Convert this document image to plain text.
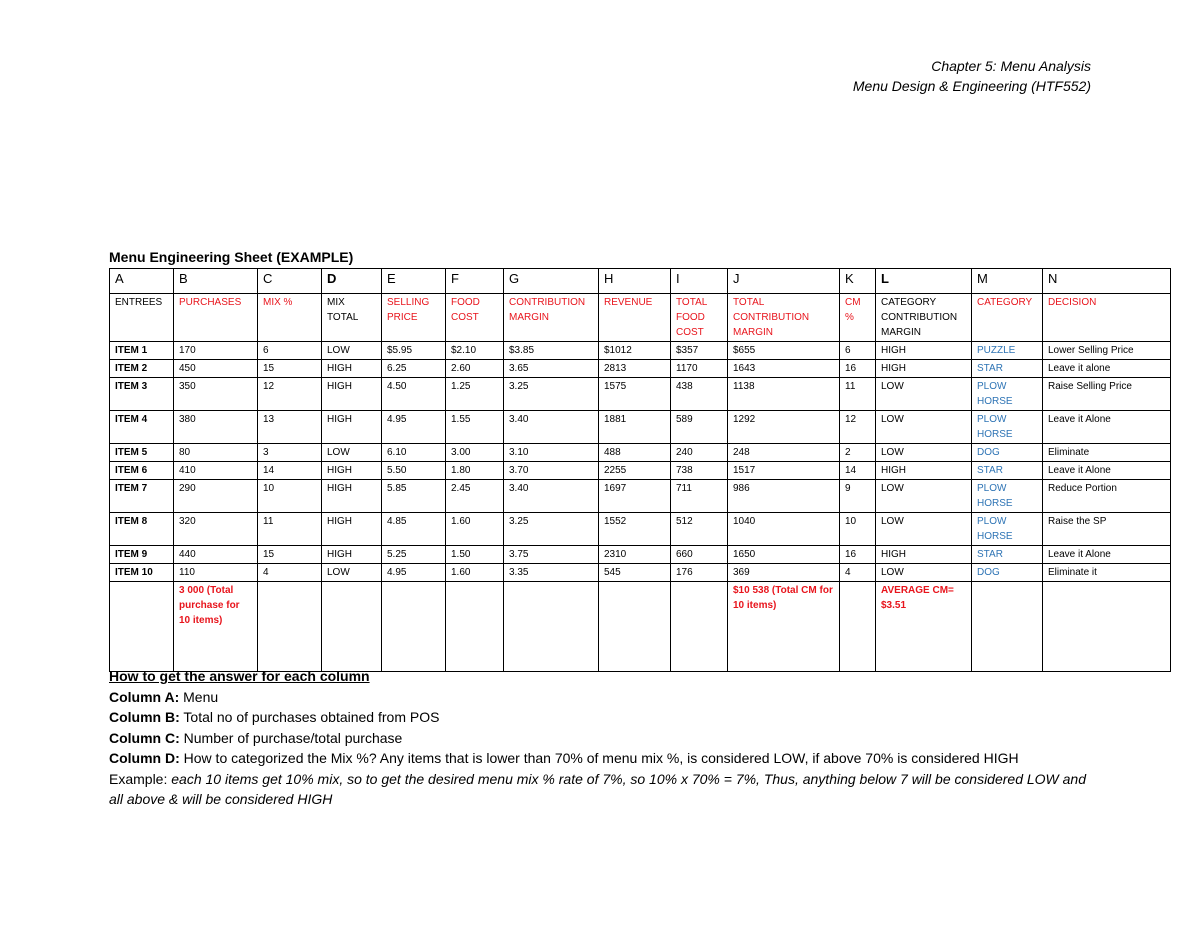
Chapter 5: Menu Analysis
Menu Design & Engineering (HTF552)
Menu Engineering Sheet (EXAMPLE)
A	B	C	D	E	F	G	H	I	J	K	L	M	N
ENTREES	PURCHASES	MIX %	MIX TOTAL	SELLING PRICE	FOOD COST	CONTRIBUTION MARGIN	REVENUE	TOTAL FOOD COST	TOTAL CONTRIBUTION MARGIN	CM %	CATEGORY CONTRIBUTION MARGIN	CATEGORY	DECISION
ITEM 1	170	6	LOW	$5.95	$2.10	$3.85	$1012	$357	$655	6	HIGH	PUZZLE	Lower Selling Price
ITEM 2	450	15	HIGH	6.25	2.60	3.65	2813	1170	1643	16	HIGH	STAR	Leave it alone
ITEM 3	350	12	HIGH	4.50	1.25	3.25	1575	438	1138	11	LOW	PLOW HORSE	Raise Selling Price
ITEM 4	380	13	HIGH	4.95	1.55	3.40	1881	589	1292	12	LOW	PLOW HORSE	Leave it Alone
ITEM 5	80	3	LOW	6.10	3.00	3.10	488	240	248	2	LOW	DOG	Eliminate
ITEM 6	410	14	HIGH	5.50	1.80	3.70	2255	738	1517	14	HIGH	STAR	Leave it Alone
ITEM 7	290	10	HIGH	5.85	2.45	3.40	1697	711	986	9	LOW	PLOW HORSE	Reduce Portion
ITEM 8	320	11	HIGH	4.85	1.60	3.25	1552	512	1040	10	LOW	PLOW HORSE	Raise the SP
ITEM 9	440	15	HIGH	5.25	1.50	3.75	2310	660	1650	16	HIGH	STAR	Leave it Alone
ITEM 10	110	4	LOW	4.95	1.60	3.35	545	176	369	4	LOW	DOG	Eliminate it
	3 000 (Total purchase for 10 items)								$10 538 (Total CM for 10 items)		AVERAGE CM= $3.51		
How to get the answer for each column
Column A: Menu
Column B: Total no of purchases obtained from POS
Column C: Number of purchase/total purchase
Column D: How to categorized the Mix %? Any items that is lower than 70% of menu mix %, is considered LOW, if above 70% is considered HIGH
Example: each 10 items get 10% mix, so to get the desired menu mix % rate of 7%, so 10% x 70% = 7%, Thus, anything below 7 will be considered LOW and all above & will be considered HIGH
